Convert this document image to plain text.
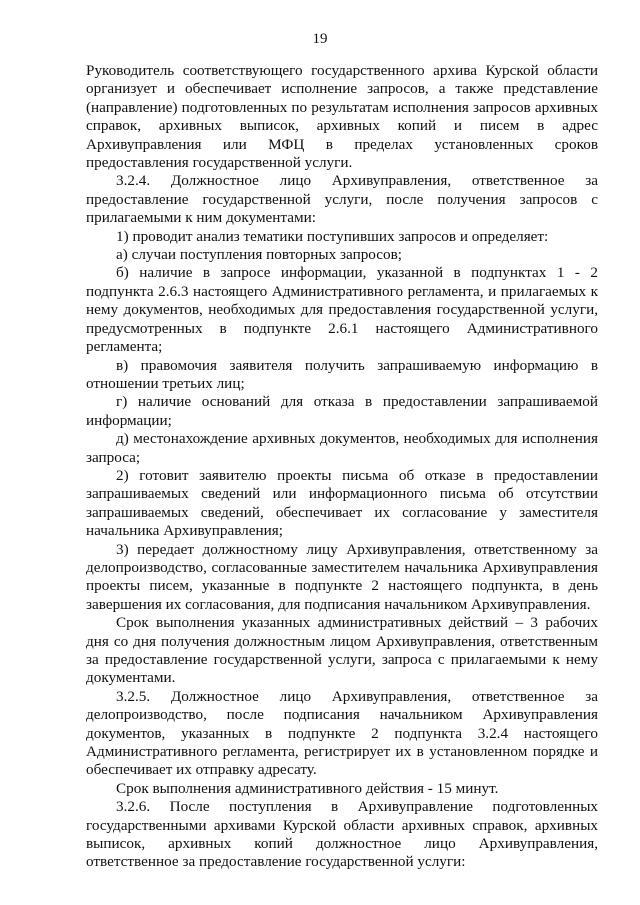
19

Руководитель соответствующего государственного архива Курской области организует и обеспечивает исполнение запросов, а также представление (направление) подготовленных по результатам исполнения запросов архивных справок, архивных выписок, архивных копий и писем в адрес Архивуправления или МФЦ в пределах установленных сроков предоставления государственной услуги.

3.2.4. Должностное лицо Архивуправления, ответственное за предоставление государственной услуги, после получения запросов с прилагаемыми к ним документами:

1) проводит анализ тематики поступивших запросов и определяет:

а) случаи поступления повторных запросов;

б) наличие в запросе информации, указанной в подпунктах 1 - 2 подпункта 2.6.3 настоящего Административного регламента, и прилагаемых к нему документов, необходимых для предоставления государственной услуги, предусмотренных в подпункте 2.6.1 настоящего Административного регламента;

в) правомочия заявителя получить запрашиваемую информацию в отношении третьих лиц;

г) наличие оснований для отказа в предоставлении запрашиваемой информации;

д) местонахождение архивных документов, необходимых для исполнения запроса;

2) готовит заявителю проекты письма об отказе в предоставлении запрашиваемых сведений или информационного письма об отсутствии запрашиваемых сведений, обеспечивает их согласование у заместителя начальника Архивуправления;

3) передает должностному лицу Архивуправления, ответственному за делопроизводство, согласованные заместителем начальника Архивуправления проекты писем, указанные в подпункте 2 настоящего подпункта, в день завершения их согласования, для подписания начальником Архивуправления.

Срок выполнения указанных административных действий – 3 рабочих дня со дня получения должностным лицом Архивуправления, ответственным за предоставление государственной услуги, запроса с прилагаемыми к нему документами.

3.2.5. Должностное лицо Архивуправления, ответственное за делопроизводство, после подписания начальником Архивуправления документов, указанных в подпункте 2 подпункта 3.2.4 настоящего Административного регламента, регистрирует их в установленном порядке и обеспечивает их отправку адресату.

Срок выполнения административного действия - 15 минут.

3.2.6. После поступления в Архивуправление подготовленных государственными архивами Курской области архивных справок, архивных выписок, архивных копий должностное лицо Архивуправления, ответственное за предоставление государственной услуги:
